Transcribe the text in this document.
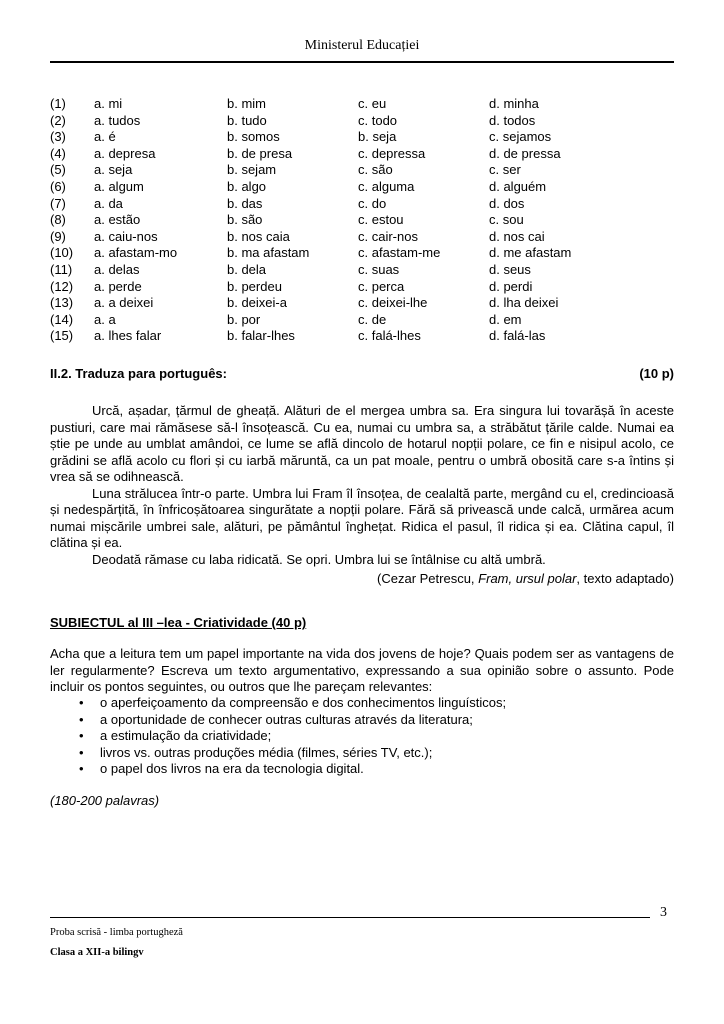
Ministerul Educației
(1)	a. mi	b. mim	c. eu	d. minha
(2)	a. tudos	b. tudo	c. todo	d. todos
(3)	a. é	b. somos	b. seja	c. sejamos
(4)	a. depresa	b. de presa	c. depressa	d. de pressa
(5)	a. seja	b. sejam	c. são	c. ser
(6)	a. algum	b. algo	c. alguma	d. alguém
(7)	a. da	b. das	c. do	d. dos
(8)	a. estão	b. são	c. estou	c. sou
(9)	a. caiu-nos	b. nos caia	c. cair-nos	d. nos cai
(10)	a. afastam-mo	b. ma afastam	c. afastam-me	d. me afastam
(11)	a. delas	b. dela	c. suas	d. seus
(12)	a. perde	b. perdeu	c. perca	d. perdi
(13)	a. a deixei	b. deixei-a	c. deixei-lhe	d. lha deixei
(14)	a. a	b. por	c. de	d. em
(15)	a. lhes falar	b. falar-lhes	c. falá-lhes	d. falá-las
II.2. Traduza para português:	(10 p)

Urcă, așadar, țărmul de gheață. Alături de el mergea umbra sa. Era singura lui tovarășă în aceste pustiuri, care mai rămăsese să-l însoțească. Cu ea, numai cu umbra sa, a străbătut țările calde. Numai ea știe pe unde au umblat amândoi, ce lume se află dincolo de hotarul nopții polare, ce fin e nisipul acolo, ce grădini se află acolo cu flori și cu iarbă măruntă, ca un pat moale, pentru o umbră obosită care s-a întins și vrea să se odihnească.

Luna strălucea într-o parte. Umbra lui Fram îl însoțea, de cealaltă parte, mergând cu el, credincioasă și nedespărțită, în înfricoșătoarea singurătate a nopții polare. Fără să privească unde calcă, urmărea acum numai mișcările umbrei sale, alături, pe pământul înghețat. Ridica el pasul, îl ridica și ea. Clătina capul, îl clătina și ea.

Deodată rămase cu laba ridicată. Se opri. Umbra lui se întâlnise cu altă umbră.

(Cezar Petrescu, Fram, ursul polar, texto adaptado)
SUBIECTUL al III –lea - Criatividade (40 p)
Acha que a leitura tem um papel importante na vida dos jovens de hoje? Quais podem ser as vantagens de ler regularmente? Escreva um texto argumentativo, expressando a sua opinião sobre o assunto. Pode incluir os pontos seguintes, ou outros que lhe pareçam relevantes:
• o aperfeiçoamento da compreensão e dos conhecimentos linguísticos;
• a oportunidade de conhecer outras culturas através da literatura;
• a estimulação da criatividade;
• livros vs. outras produções média (filmes, séries TV, etc.);
• o papel dos livros na era da tecnologia digital.
(180-200 palavras)
3
Proba scrisă - limba portugheză
Clasa a XII-a bilingv
